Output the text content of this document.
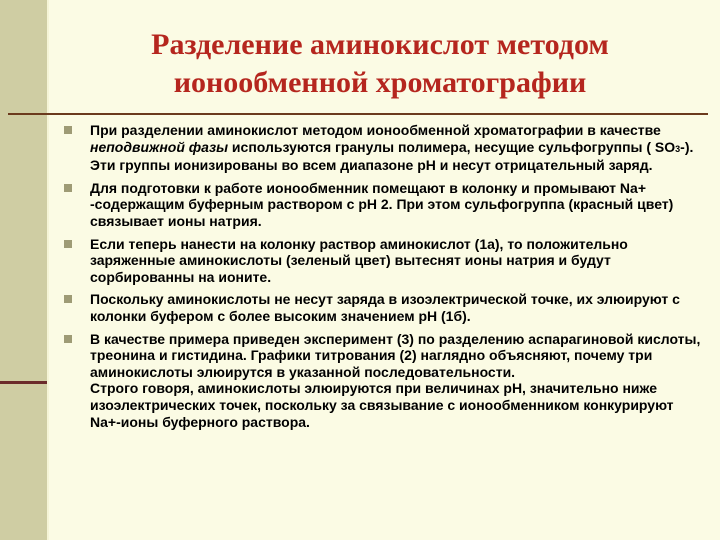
Разделение аминокислот методом
ионообменной хроматографии

При разделении аминокислот методом ионообменной хроматографии в качестве неподвижной фазы используются гранулы полимера, несущие сульфогруппы ( SO3-). Эти группы ионизированы во всем диапазоне рН и несут отрицательный заряд.

Для подготовки к работе ионообменник помещают в колонку и промывают Na+ -содержащим буферным раствором с рН 2. При этом сульфогруппа (красный цвет) связывает ионы натрия.

Если теперь нанести на колонку раствор аминокислот (1а), то положительно заряженные аминокислоты (зеленый цвет) вытеснят ионы натрия и будут сорбированны на ионите.

Поскольку аминокислоты не несут заряда в изоэлектрической точке, их элюируют с колонки буфером с более высоким значением рН (1б).

В качестве примера приведен эксперимент (3) по разделению аспарагиновой кислоты, треонина и гистидина. Графики титрования (2) наглядно объясняют, почему три аминокислоты элюирутся в указанной последовательности.

Строго говоря, аминокислоты элюируются при величинах рН, значительно ниже изоэлектрических точек, поскольку за связывание с ионообменником конкурируют Na+-ионы буферного раствора.
